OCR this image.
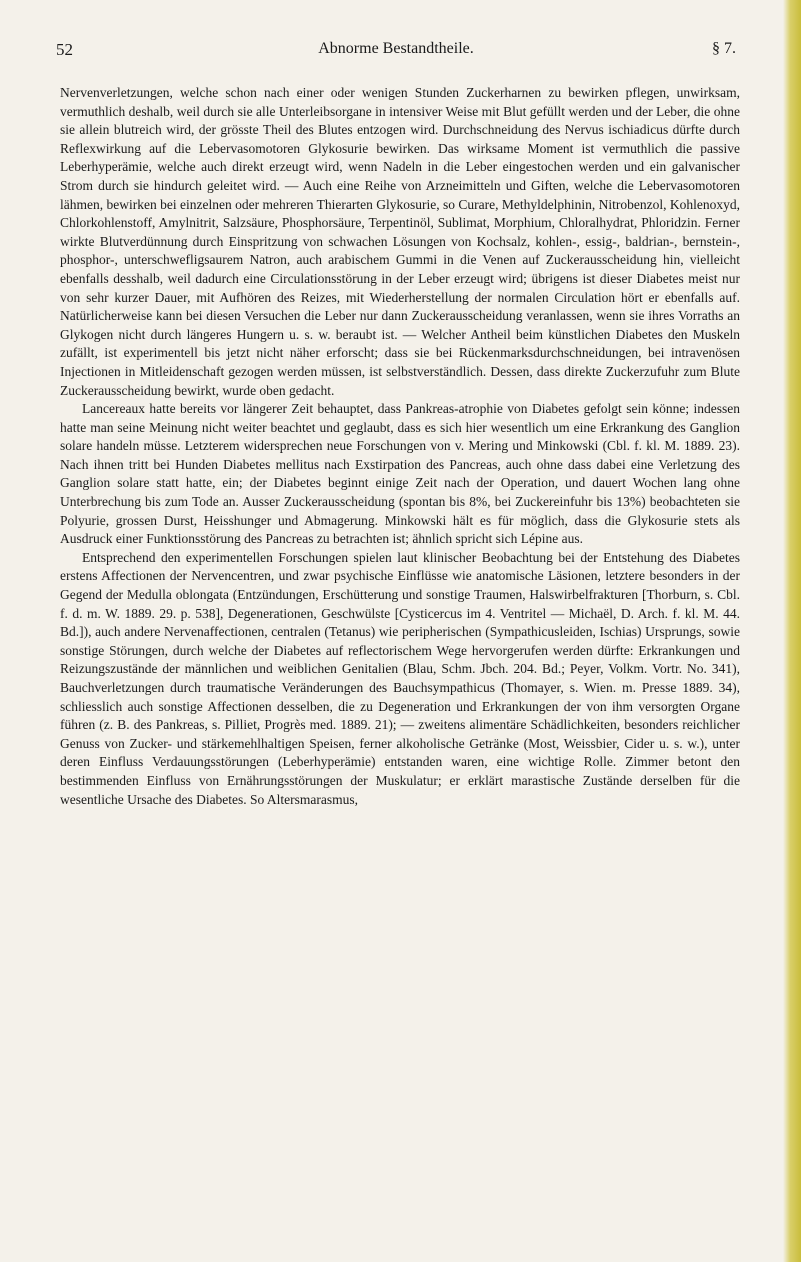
52	Abnorme Bestandtheile.	§ 7.

Nervenverletzungen, welche schon nach einer oder wenigen Stunden Zuckerharnen zu bewirken pflegen, unwirksam, vermuthlich deshalb, weil durch sie alle Unterleibsorgane in intensiver Weise mit Blut gefüllt werden und der Leber, die ohne sie allein blutreich wird, der grösste Theil des Blutes entzogen wird. Durchschneidung des Nervus ischiadicus dürfte durch Reflexwirkung auf die Lebervasomotoren Glykosurie bewirken. Das wirksame Moment ist vermuthlich die passive Leberhyperämie, welche auch direkt erzeugt wird, wenn Nadeln in die Leber eingestochen werden und ein galvanischer Strom durch sie hindurch geleitet wird. — Auch eine Reihe von Arzneimitteln und Giften, welche die Lebervasomotoren lähmen, bewirken bei einzelnen oder mehreren Thierarten Glykosurie, so Curare, Methyldelphinin, Nitrobenzol, Kohlenoxyd, Chlorkohlenstoff, Amylnitrit, Salzsäure, Phosphorsäure, Terpentinöl, Sublimat, Morphium, Chloralhydrat, Phloridzin. Ferner wirkte Blutverdünnung durch Einspritzung von schwachen Lösungen von Kochsalz, kohlen-, essig-, baldrian-, bernstein-, phosphor-, unterschwefligsaurem Natron, auch arabischem Gummi in die Venen auf Zuckerausscheidung hin, vielleicht ebenfalls desshalb, weil dadurch eine Circulationsstörung in der Leber erzeugt wird; übrigens ist dieser Diabetes meist nur von sehr kurzer Dauer, mit Aufhören des Reizes, mit Wiederherstellung der normalen Circulation hört er ebenfalls auf. Natürlicherweise kann bei diesen Versuchen die Leber nur dann Zuckerausscheidung veranlassen, wenn sie ihres Vorraths an Glykogen nicht durch längeres Hungern u. s. w. beraubt ist. — Welcher Antheil beim künstlichen Diabetes den Muskeln zufällt, ist experimentell bis jetzt nicht näher erforscht; dass sie bei Rückenmarksdurchschneidungen, bei intravenösen Injectionen in Mitleidenschaft gezogen werden müssen, ist selbstverständlich. Dessen, dass direkte Zuckerzufuhr zum Blute Zuckerausscheidung bewirkt, wurde oben gedacht.

Lancereaux hatte bereits vor längerer Zeit behauptet, dass Pankreas-atrophie von Diabetes gefolgt sein könne; indessen hatte man seine Meinung nicht weiter beachtet und geglaubt, dass es sich hier wesentlich um eine Erkrankung des Ganglion solare handeln müsse. Letzterem widersprechen neue Forschungen von v. Mering und Minkowski (Cbl. f. kl. M. 1889. 23). Nach ihnen tritt bei Hunden Diabetes mellitus nach Exstirpation des Pancreas, auch ohne dass dabei eine Verletzung des Ganglion solare statt hatte, ein; der Diabetes beginnt einige Zeit nach der Operation, und dauert Wochen lang ohne Unterbrechung bis zum Tode an. Ausser Zuckerausscheidung (spontan bis 8%, bei Zuckereinfuhr bis 13%) beobachteten sie Polyurie, grossen Durst, Heisshunger und Abmagerung. Minkowski hält es für möglich, dass die Glykosurie stets als Ausdruck einer Funktionsstörung des Pancreas zu betrachten ist; ähnlich spricht sich Lépine aus.

Entsprechend den experimentellen Forschungen spielen laut klinischer Beobachtung bei der Entstehung des Diabetes erstens Affectionen der Nervencentren, und zwar psychische Einflüsse wie anatomische Läsionen, letztere besonders in der Gegend der Medulla oblongata (Entzündungen, Erschütterung und sonstige Traumen, Halswirbelfrakturen [Thorburn, s. Cbl. f. d. m. W. 1889. 29. p. 538], Degenerationen, Geschwülste [Cysticercus im 4. Ventritel — Michaël, D. Arch. f. kl. M. 44. Bd.]), auch andere Nervenaffectionen, centralen (Tetanus) wie peripherischen (Sympathicusleiden, Ischias) Ursprungs, sowie sonstige Störungen, durch welche der Diabetes auf reflectorischem Wege hervorgerufen werden dürfte: Erkrankungen und Reizungszustände der männlichen und weiblichen Genitalien (Blau, Schm. Jbch. 204. Bd.; Peyer, Volkm. Vortr. No. 341), Bauchverletzungen durch traumatische Veränderungen des Bauchsympathicus (Thomayer, s. Wien. m. Presse 1889. 34), schliesslich auch sonstige Affectionen desselben, die zu Degeneration und Erkrankungen der von ihm versorgten Organe führen (z. B. des Pankreas, s. Pilliet, Progrès med. 1889. 21); — zweitens alimentäre Schädlichkeiten, besonders reichlicher Genuss von Zucker- und stärkemehlhaltigen Speisen, ferner alkoholische Getränke (Most, Weissbier, Cider u. s. w.), unter deren Einfluss Verdauungsstörungen (Leberhyperämie) entstanden waren, eine wichtige Rolle. Zimmer betont den bestimmenden Einfluss von Ernährungsstörungen der Muskulatur; er erklärt marastische Zustände derselben für die wesentliche Ursache des Diabetes. So Altersmarasmus,
